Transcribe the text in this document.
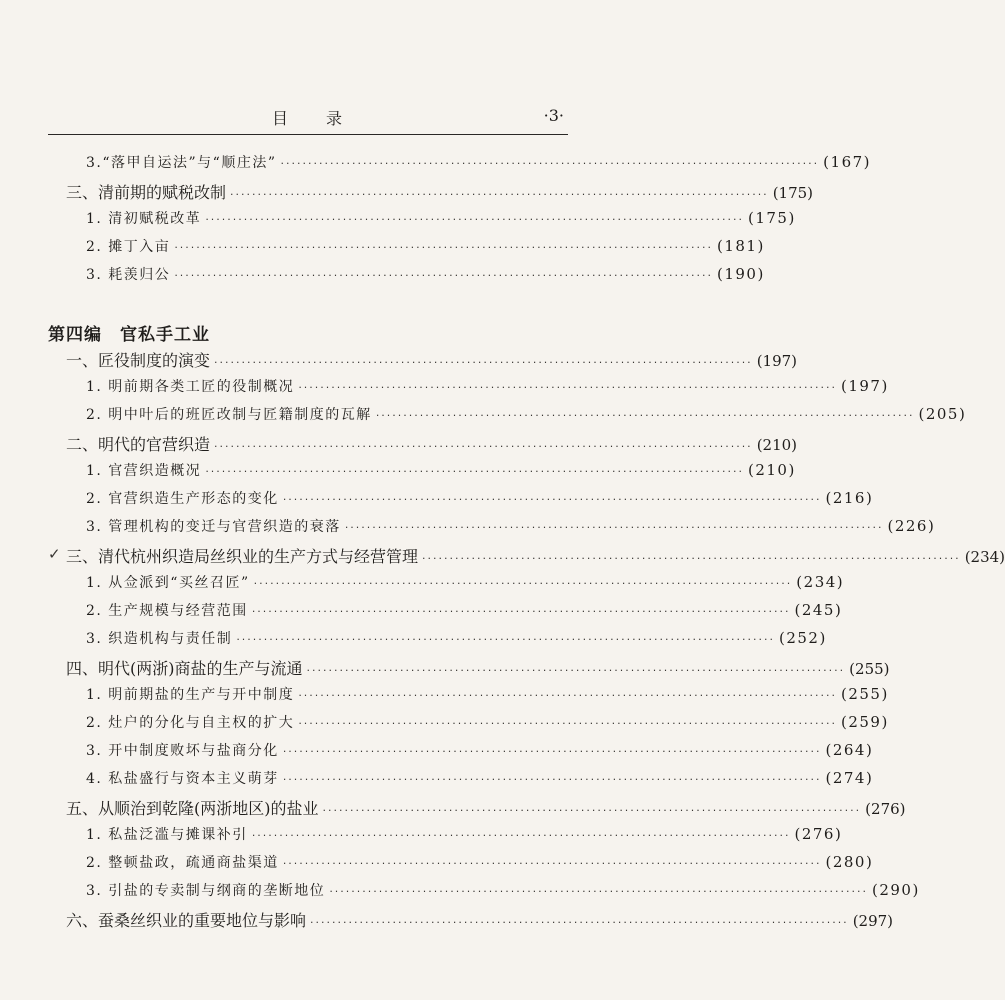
目　　录	·3·
3.“落甲自运法”与“顺庄法” ·································································································· (167)
三、清前期的赋税改制 ·································································································· (175)
1. 清初赋税改革 ·································································································· (175)
2. 摊丁入亩 ·································································································· (181)
3. 耗羡归公 ·································································································· (190)
第四编　官私手工业
一、匠役制度的演变 ·································································································· (197)
1. 明前期各类工匠的役制概况 ·································································································· (197)
2. 明中叶后的班匠改制与匠籍制度的瓦解 ·································································································· (205)
二、明代的官营织造 ·································································································· (210)
1. 官营织造概况 ·································································································· (210)
2. 官营织造生产形态的变化 ·································································································· (216)
3. 管理机构的变迁与官营织造的衰落 ·································································································· (226)
✓ 三、清代杭州织造局丝织业的生产方式与经营管理 ·································································································· (234)
1. 从佥派到“买丝召匠” ·································································································· (234)
2. 生产规模与经营范围 ·································································································· (245)
3. 织造机构与责任制 ·································································································· (252)
四、明代(两浙)商盐的生产与流通 ·································································································· (255)
1. 明前期盐的生产与开中制度 ·································································································· (255)
2. 灶户的分化与自主权的扩大 ·································································································· (259)
3. 开中制度败坏与盐商分化 ·································································································· (264)
4. 私盐盛行与资本主义萌芽 ·································································································· (274)
五、从顺治到乾隆(两浙地区)的盐业 ·································································································· (276)
1. 私盐泛滥与摊课补引 ·································································································· (276)
2. 整顿盐政，疏通商盐渠道 ·································································································· (280)
3. 引盐的专卖制与纲商的垄断地位 ·································································································· (290)
六、蚕桑丝织业的重要地位与影响 ·································································································· (297)
